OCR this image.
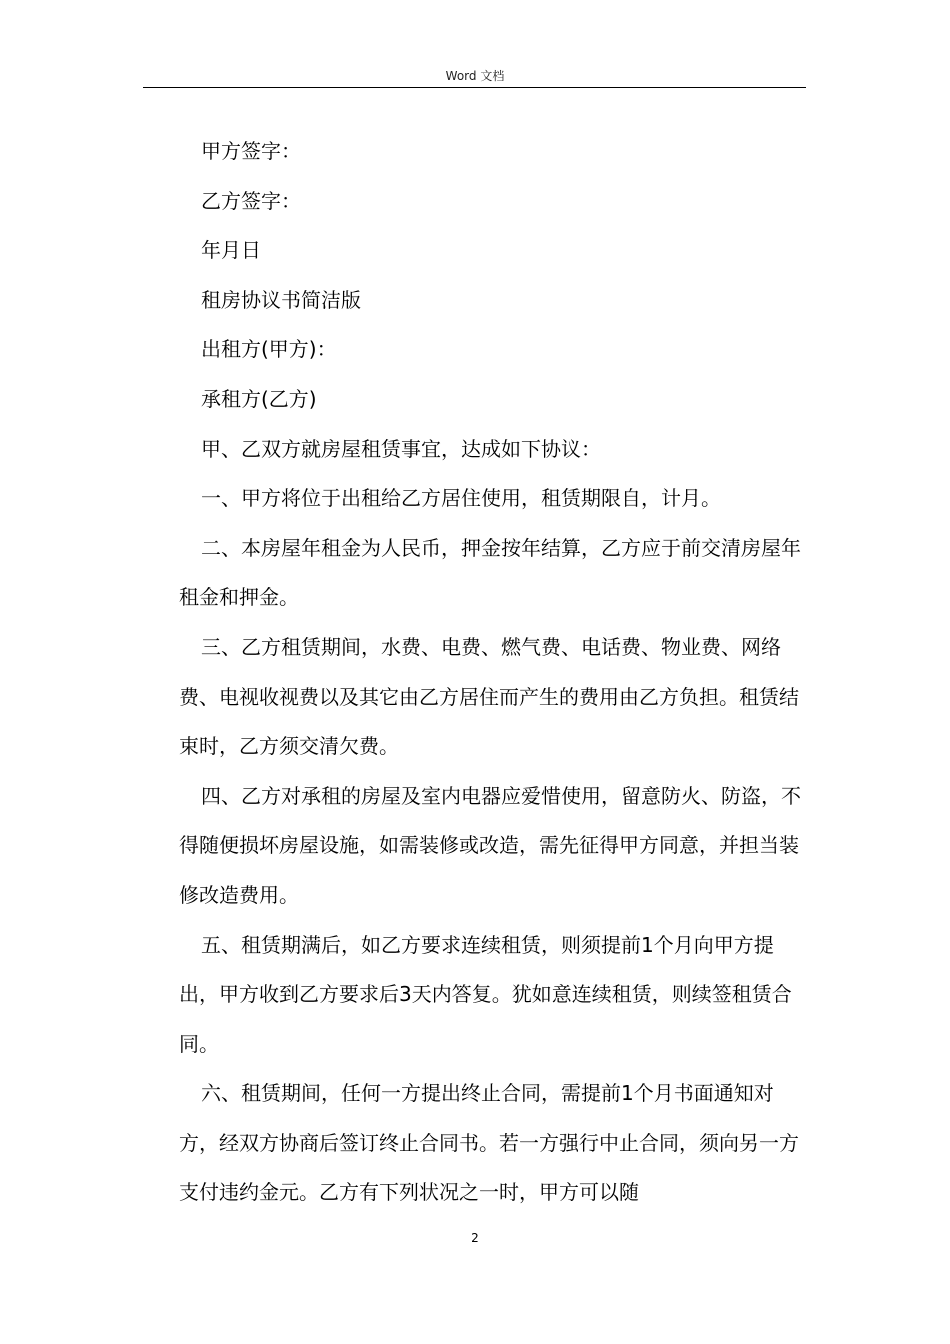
Word 文档

甲方签字：

乙方签字：

年月日

租房协议书简洁版

出租方(甲方)：

承租方(乙方)

甲、乙双方就房屋租赁事宜，达成如下协议：

一、甲方将位于出租给乙方居住使用，租赁期限自，计月。

二、本房屋年租金为人民币，押金按年结算，乙方应于前交清房屋年租金和押金。

三、乙方租赁期间，水费、电费、燃气费、电话费、物业费、网络费、电视收视费以及其它由乙方居住而产生的费用由乙方负担。租赁结束时，乙方须交清欠费。

四、乙方对承租的房屋及室内电器应爱惜使用，留意防火、防盗，不得随便损坏房屋设施，如需装修或改造，需先征得甲方同意，并担当装修改造费用。

五、租赁期满后，如乙方要求连续租赁，则须提前1个月向甲方提出，甲方收到乙方要求后3天内答复。犹如意连续租赁，则续签租赁合同。

六、租赁期间，任何一方提出终止合同，需提前1个月书面通知对方，经双方协商后签订终止合同书。若一方强行中止合同，须向另一方支付违约金元。乙方有下列状况之一时，甲方可以随

2
